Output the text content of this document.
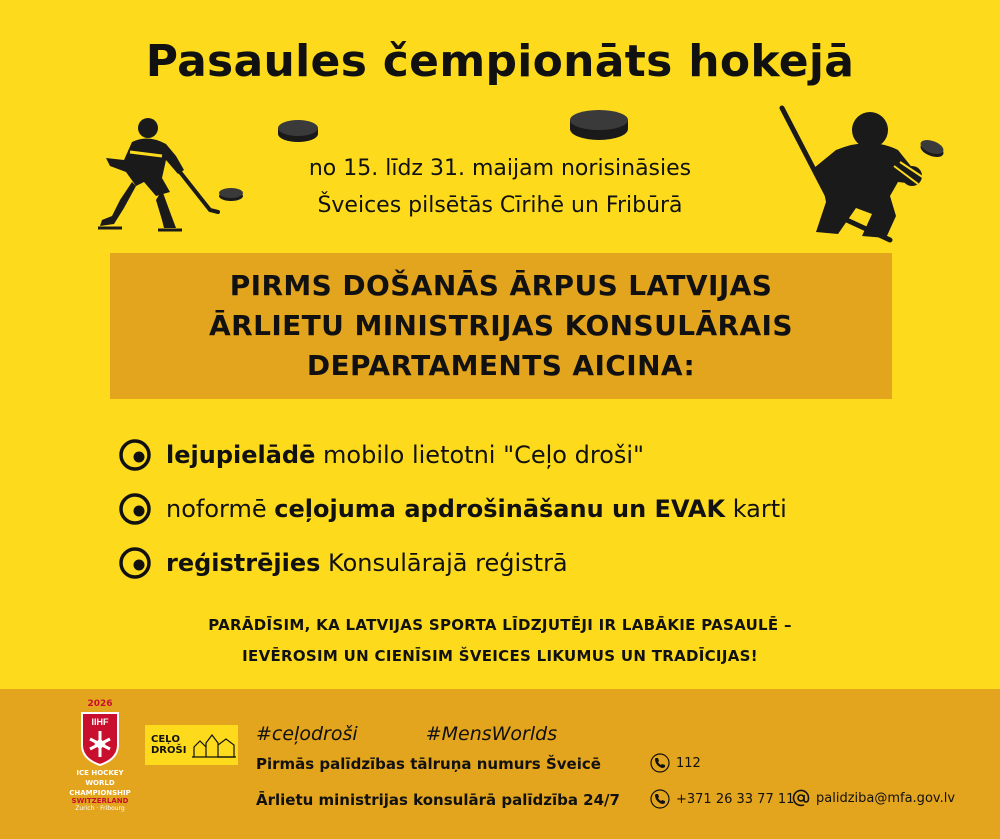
Pasaules čempionāts hokejā
no 15. līdz 31. maijam norisināsies
Šveices pilsētās Cīrihē un Fribūrā
PIRMS DOŠANĀS ĀRPUS LATVIJAS
ĀRLIETU MINISTRIJAS KONSULĀRAIS
DEPARTAMENTS AICINA:
lejupielādē mobilo lietotni "Ceļo droši"
noformē ceļojuma apdrošināšanu un EVAK karti
reģistrējies Konsulārajā reģistrā
PARĀDĪSIM, KA LATVIJAS SPORTA LĪDZJUTĒJI IR LABĀKIE PASAULĒ –
IEVĒROSIM UN CIENĪSIM ŠVEICES LIKUMUS UN TRADĪCIJAS!
2026
IIHF
ICE HOCKEY
WORLD
CHAMPIONSHIP
SWITZERLAND
Zurich · Fribourg
CEĻO
DROŠI
#ceļodroši	#MensWorlds
Pirmās palīdzības tālruņa numurs Šveicē
Ārlietu ministrijas konsulārā palīdzība 24/7
112
+371 26 33 77 11 palidziba@mfa.gov.lv
